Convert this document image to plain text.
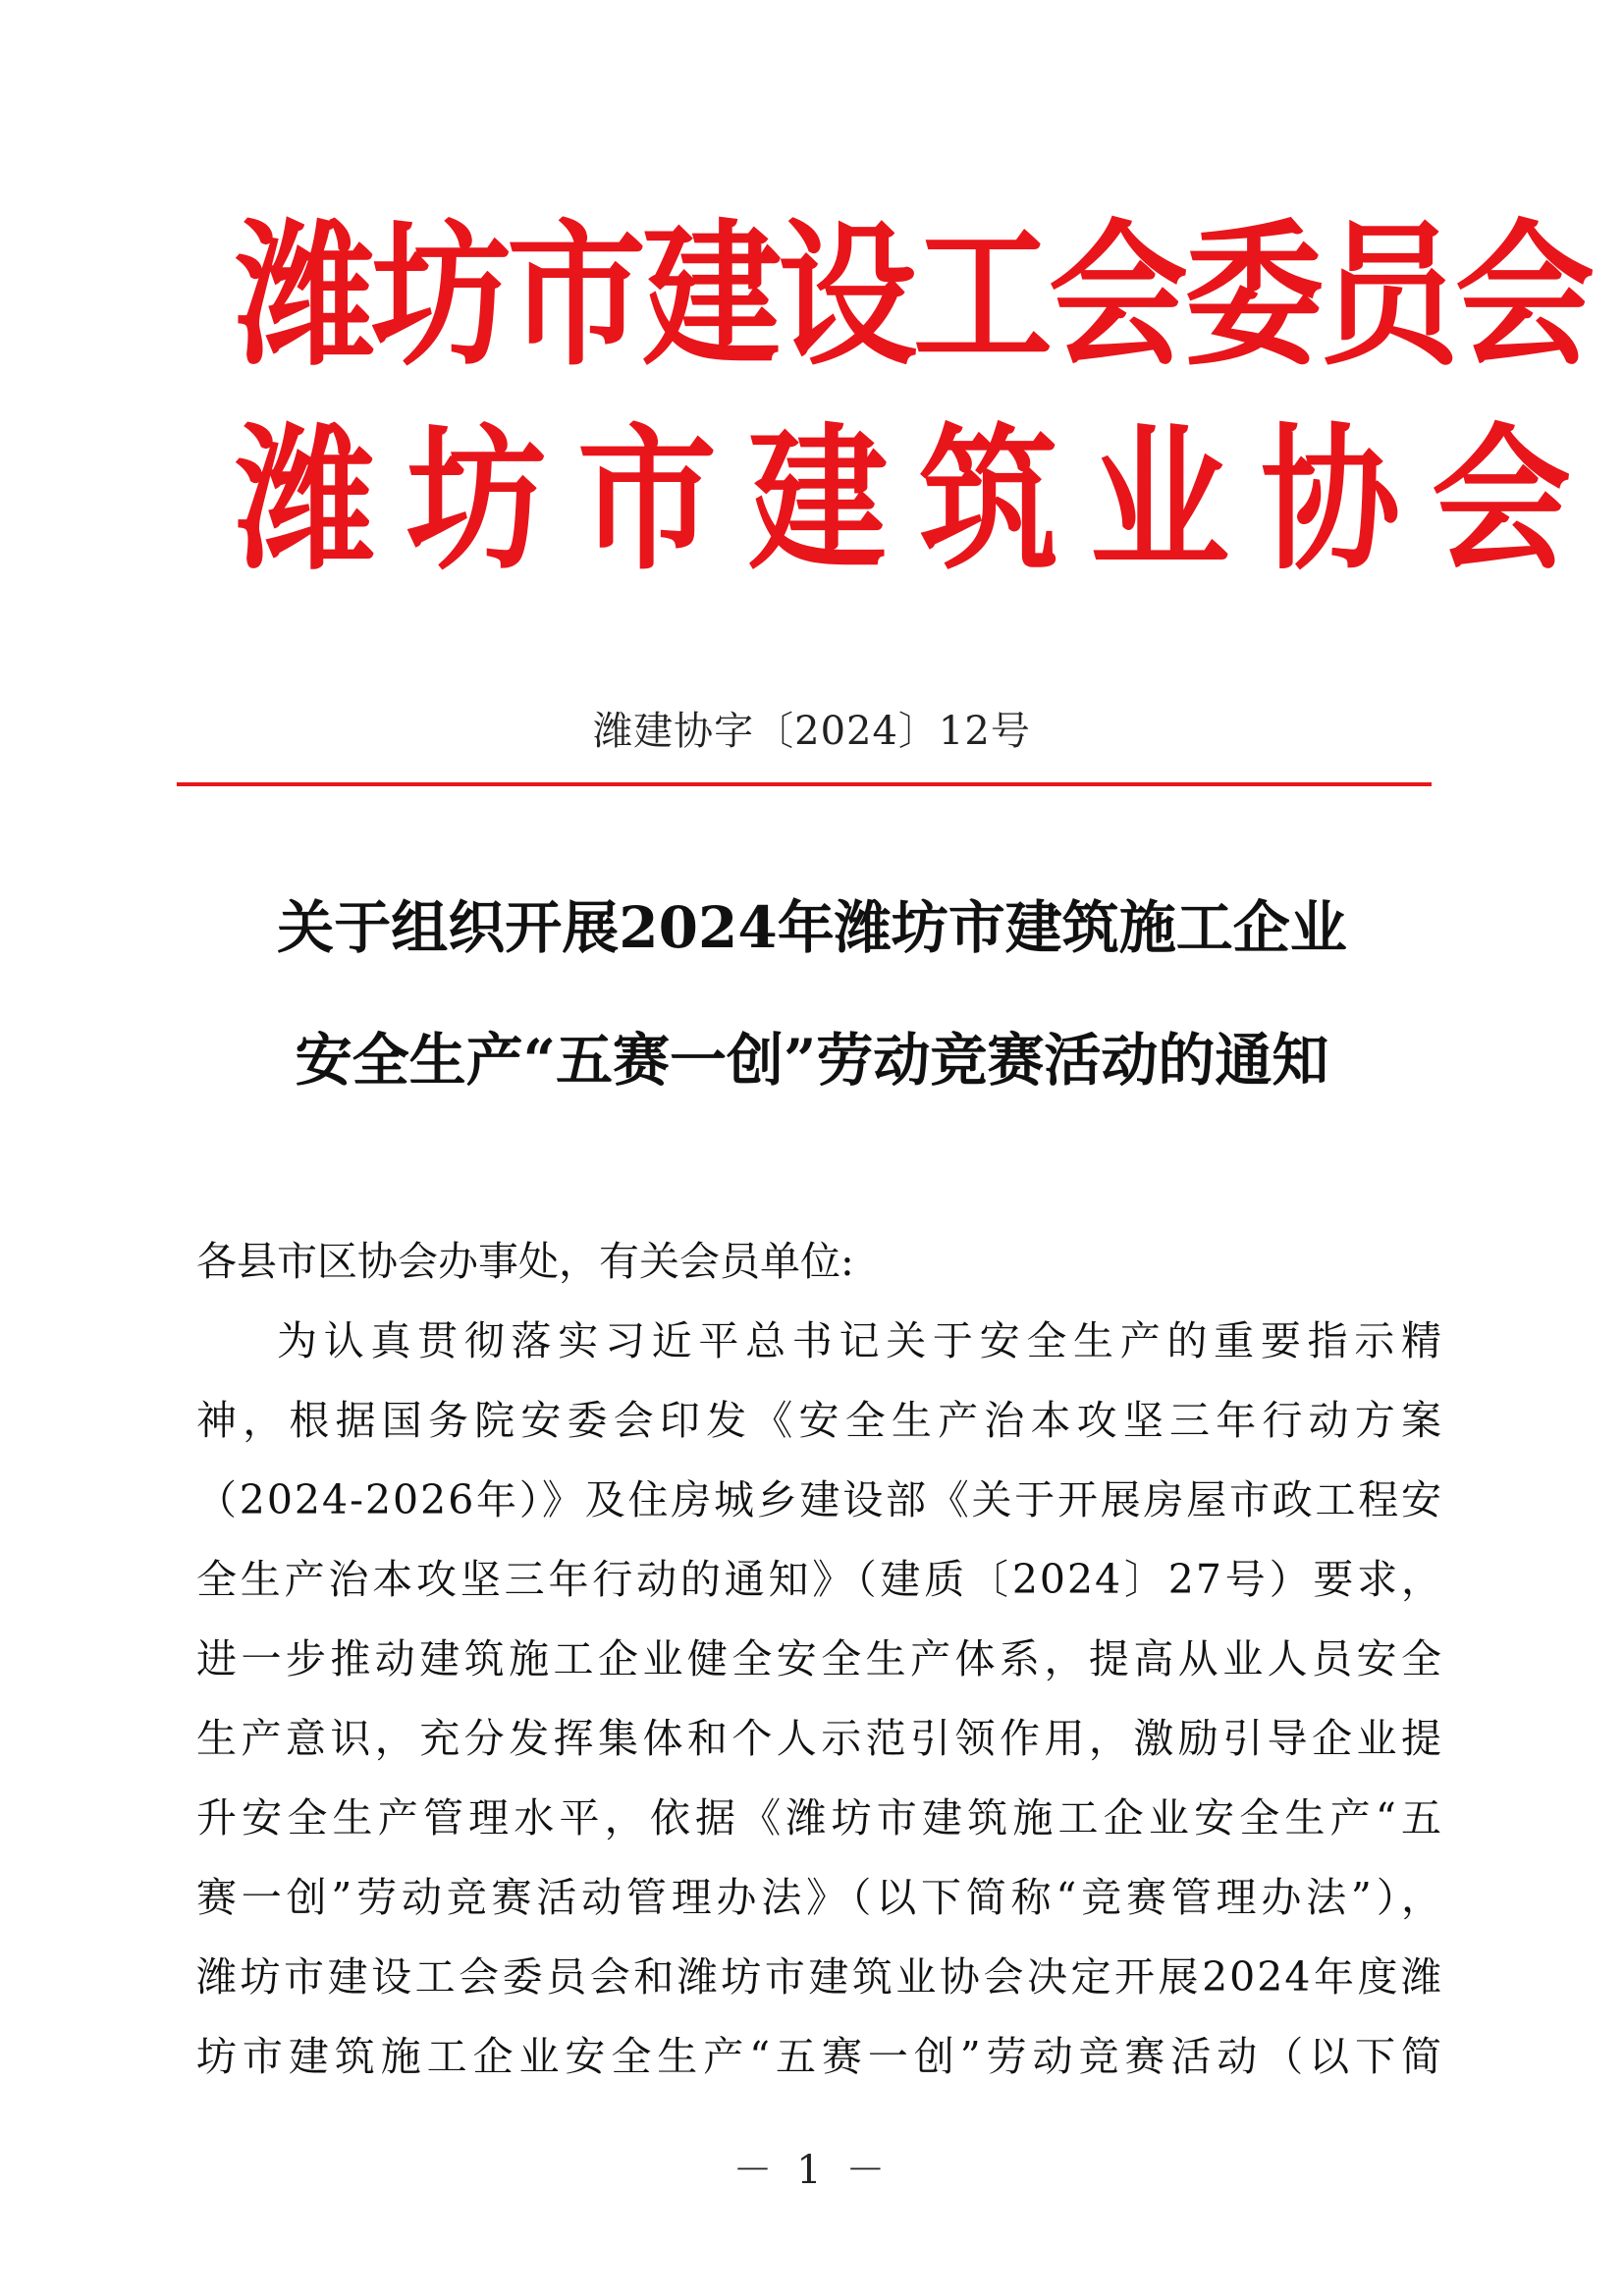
潍坊市建设工会委员会
潍坊市建筑业协会
潍建协字〔2024〕12号
关于组织开展2024年潍坊市建筑施工企业
安全生产“五赛一创”劳动竞赛活动的通知

各县市区协会办事处，有关会员单位:

为认真贯彻落实习近平总书记关于安全生产的重要指示精
神，根据国务院安委会印发《安全生产治本攻坚三年行动方案
（2024-2026年）》及住房城乡建设部《关于开展房屋市政工程安
全生产治本攻坚三年行动的通知》（建质〔2024〕27号）要求，
进一步推动建筑施工企业健全安全生产体系，提高从业人员安全
生产意识，充分发挥集体和个人示范引领作用，激励引导企业提
升安全生产管理水平，依据《潍坊市建筑施工企业安全生产“五
赛一创”劳动竞赛活动管理办法》（以下简称“竞赛管理办法”），
潍坊市建设工会委员会和潍坊市建筑业协会决定开展2024年度潍
坊市建筑施工企业安全生产“五赛一创”劳动竞赛活动（以下简
－ 1 －
